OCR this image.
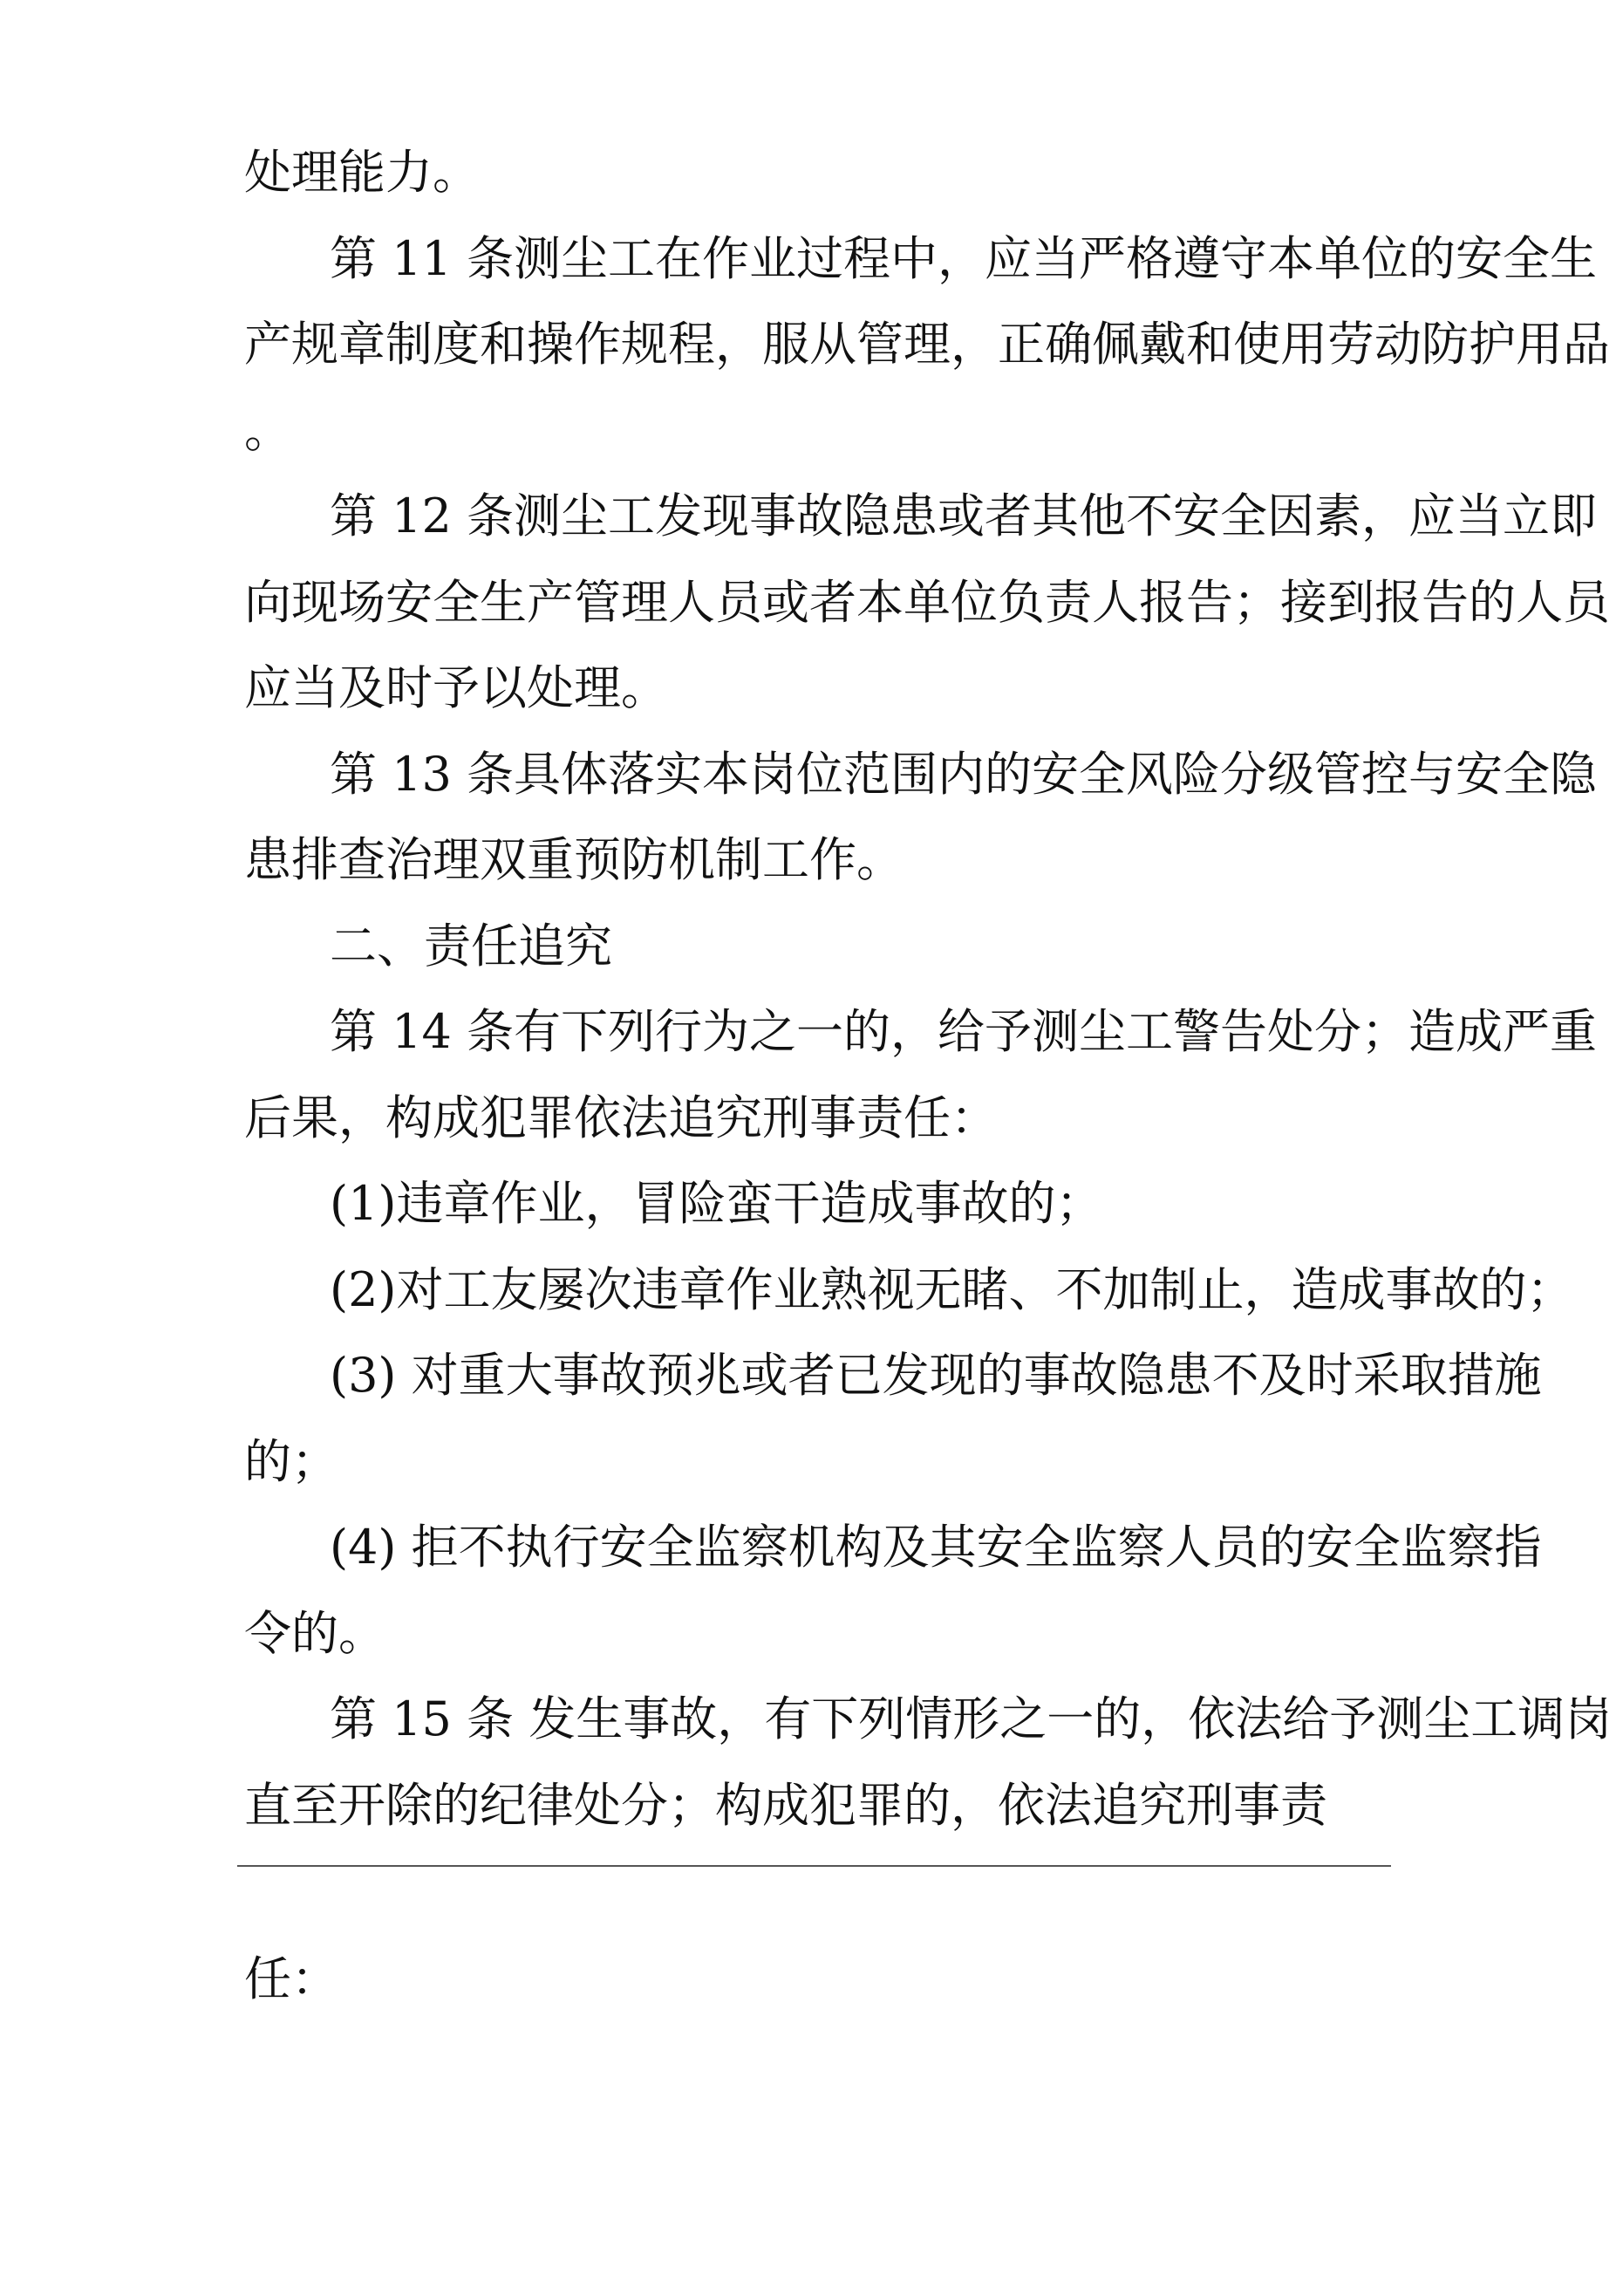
处理能力。
第 11 条测尘工在作业过程中，应当严格遵守本单位的安全生
产规章制度和操作规程，服从管理，正确佩戴和使用劳动防护用品
。
第 12 条测尘工发现事故隐患或者其他不安全因素，应当立即
向现场安全生产管理人员或者本单位负责人报告；接到报告的人员
应当及时予以处理。
第 13 条具体落实本岗位范围内的安全风险分级管控与安全隐
患排查治理双重预防机制工作。
二、责任追究
第 14 条有下列行为之一的，给予测尘工警告处分；造成严重
后果，构成犯罪依法追究刑事责任：
(1)违章作业，冒险蛮干造成事故的；
(2)对工友屡次违章作业熟视无睹、不加制止，造成事故的；
(3) 对重大事故预兆或者已发现的事故隐患不及时采取措施
的；
(4) 拒不执行安全监察机构及其安全监察人员的安全监察指
令的。
第 15 条 发生事故，有下列情形之一的，依法给予测尘工调岗
直至开除的纪律处分；构成犯罪的，依法追究刑事责
任：
